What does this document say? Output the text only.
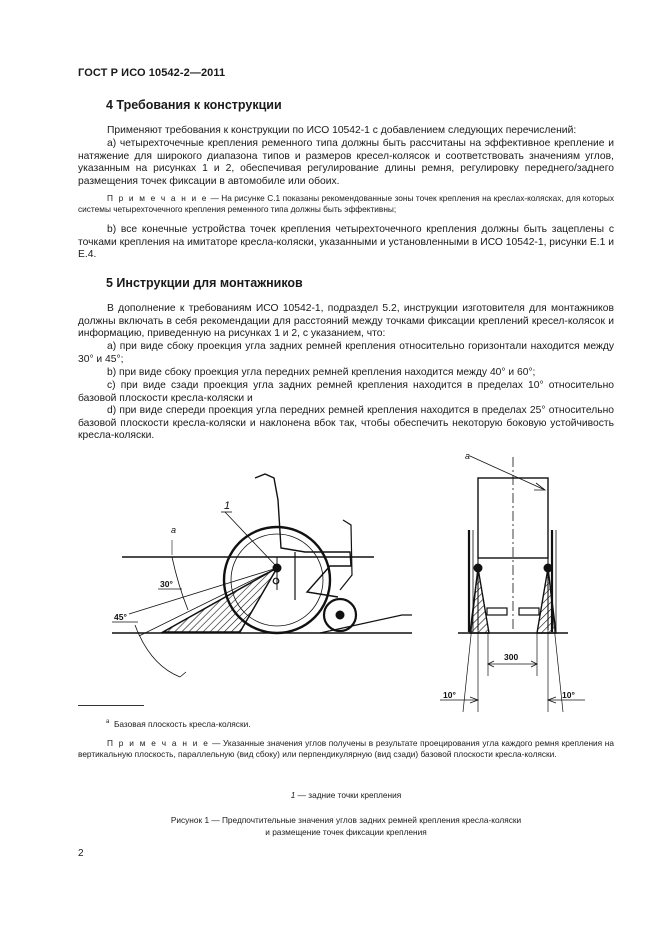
ГОСТ Р ИСО 10542-2—2011
4 Требования к конструкции
Применяют требования к конструкции по ИСО 10542-1 с добавлением следующих перечислений:
а) четырехточечные крепления ременного типа должны быть рассчитаны на эффективное крепление и натяжение для широкого диапазона типов и размеров кресел-колясок и соответствовать значениям углов, указанным на рисунках 1 и 2, обеспечивая регулирование длины ремня, регулировку переднего/заднего размещения точек фиксации в автомобиле или обоих.
П р и м е ч а н и е — На рисунке С.1 показаны рекомендованные зоны точек крепления на креслах-колясках, для которых системы четырехточечного крепления ременного типа должны быть эффективны;
b) все конечные устройства точек крепления четырехточечного крепления должны быть зацеплены с точками крепления на имитаторе кресла-коляски, указанными и установленными в ИСО 10542-1, рисунки Е.1 и Е.4.
5 Инструкции для монтажников
В дополнение к требованиям ИСО 10542-1, подраздел 5.2, инструкции изготовителя для монтажников должны включать в себя рекомендации для расстояний между точками фиксации креплений кресел-колясок и информацию, приведенную на рисунках 1 и 2, с указанием, что:
а) при виде сбоку проекция угла задних ремней крепления относительно горизонтали находится между 30° и 45°;
b) при виде сбоку проекция угла передних ремней крепления находится между 40° и 60°;
с) при виде сзади проекция угла задних ремней крепления находится в пределах 10° относительно базовой плоскости кресла-коляски и
d) при виде спереди проекция угла передних ремней крепления находится в пределах 25° относительно базовой плоскости кресла-коляски и наклонена вбок так, чтобы обеспечить некоторую боковую устойчивость кресла-коляски.
а
1
30°
45°
а
300
10°	10°
$^а$ Базовая плоскость кресла-коляски.
П р и м е ч а н и е — Указанные значения углов получены в результате проецирования угла каждого ремня крепления на вертикальную плоскость, параллельную (вид сбоку) или перпендикулярную (вид сзади) базовой плоскости кресла-коляски.
1 — задние точки крепления
Рисунок 1 — Предпочтительные значения углов задних ремней крепления кресла-коляски
и размещение точек фиксации крепления
2
